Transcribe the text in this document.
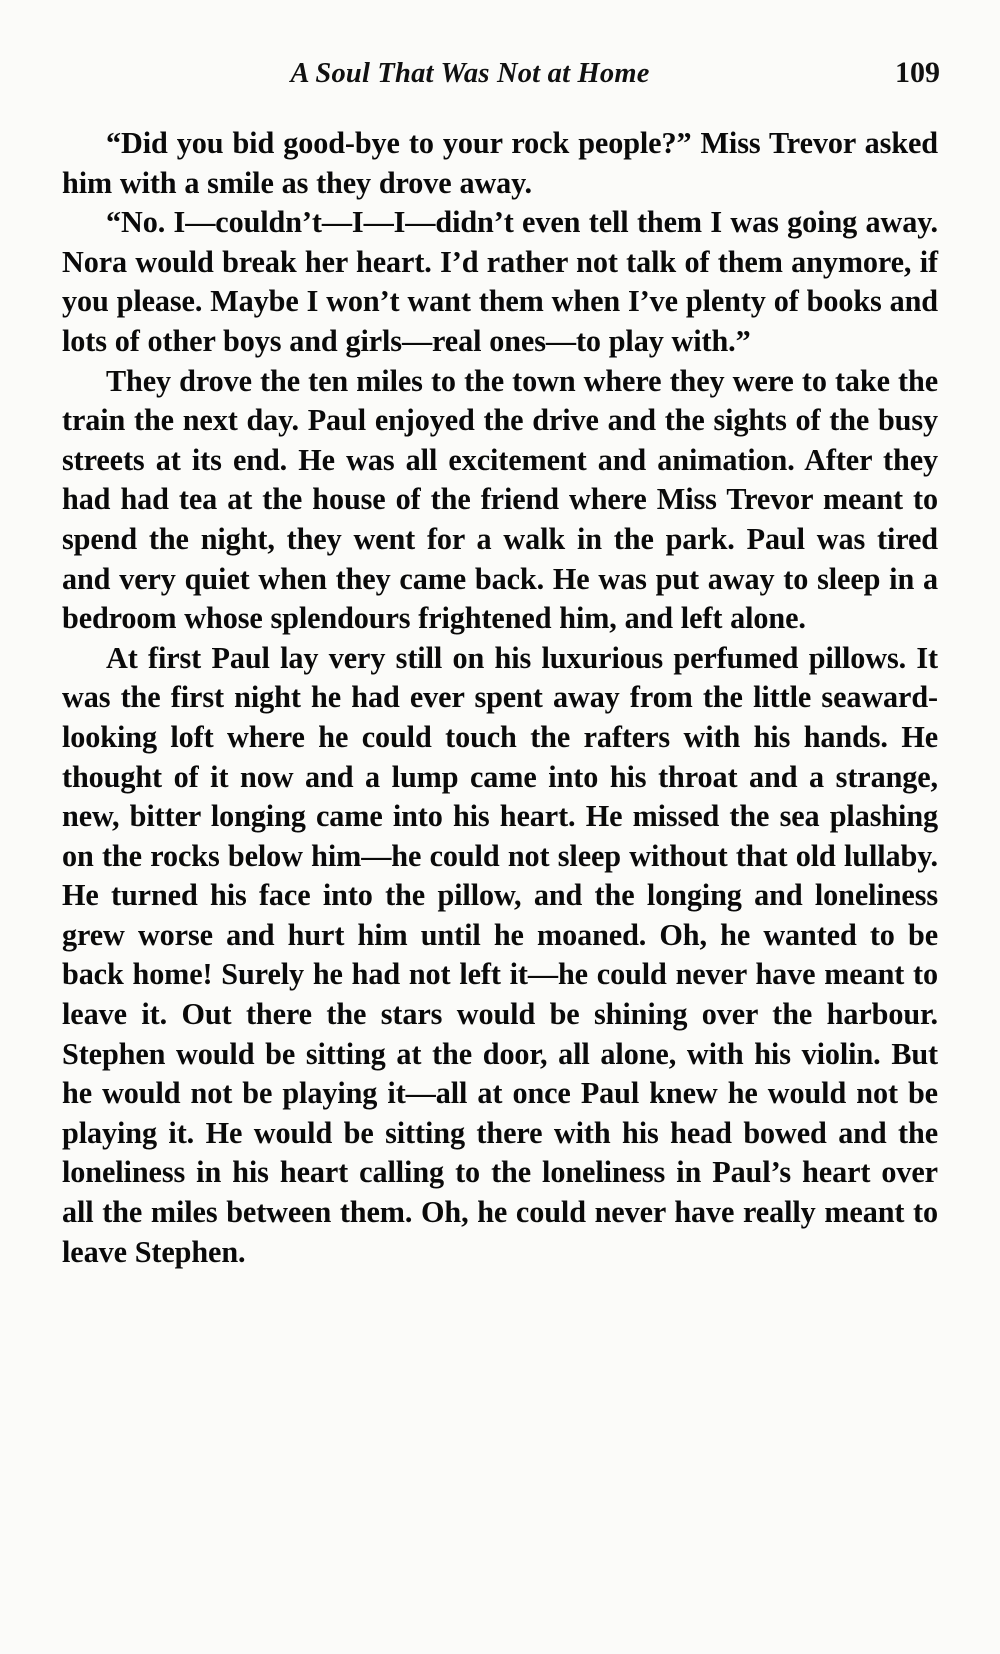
A Soul That Was Not at Home	109

“Did you bid good-bye to your rock people?” Miss Trevor asked him with a smile as they drove away.

“No. I—couldn’t—I—I—didn’t even tell them I was going away. Nora would break her heart. I’d rather not talk of them anymore, if you please. Maybe I won’t want them when I’ve plenty of books and lots of other boys and girls—real ones—to play with.”

They drove the ten miles to the town where they were to take the train the next day. Paul enjoyed the drive and the sights of the busy streets at its end. He was all excitement and animation. After they had had tea at the house of the friend where Miss Trevor meant to spend the night, they went for a walk in the park. Paul was tired and very quiet when they came back. He was put away to sleep in a bedroom whose splendours frightened him, and left alone.

At first Paul lay very still on his luxurious perfumed pillows. It was the first night he had ever spent away from the little seaward-looking loft where he could touch the rafters with his hands. He thought of it now and a lump came into his throat and a strange, new, bitter longing came into his heart. He missed the sea plashing on the rocks below him—he could not sleep without that old lullaby. He turned his face into the pillow, and the longing and loneliness grew worse and hurt him until he moaned. Oh, he wanted to be back home! Surely he had not left it—he could never have meant to leave it. Out there the stars would be shining over the harbour. Stephen would be sitting at the door, all alone, with his violin. But he would not be playing it—all at once Paul knew he would not be playing it. He would be sitting there with his head bowed and the loneliness in his heart calling to the loneliness in Paul’s heart over all the miles between them. Oh, he could never have really meant to leave Stephen.
